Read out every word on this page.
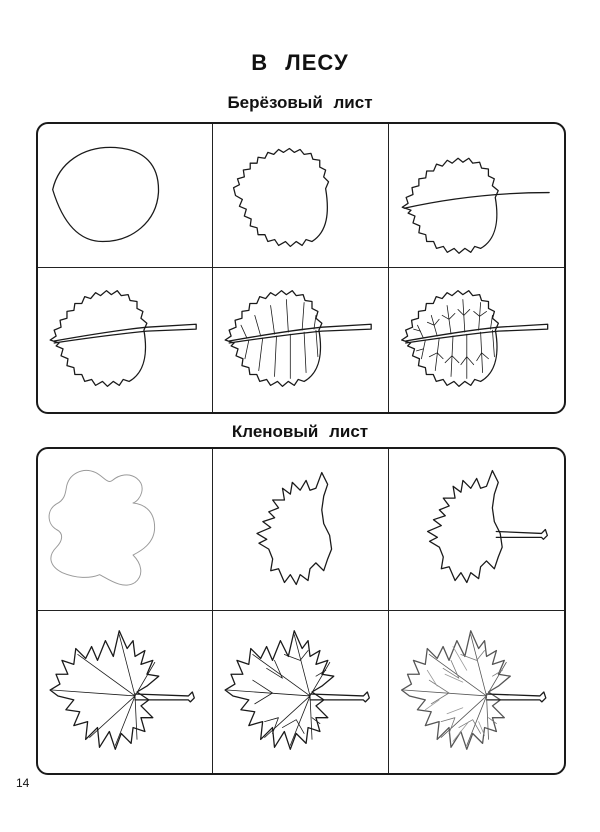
В ЛЕСУ
Берёзовый лист
Кленовый лист
14
